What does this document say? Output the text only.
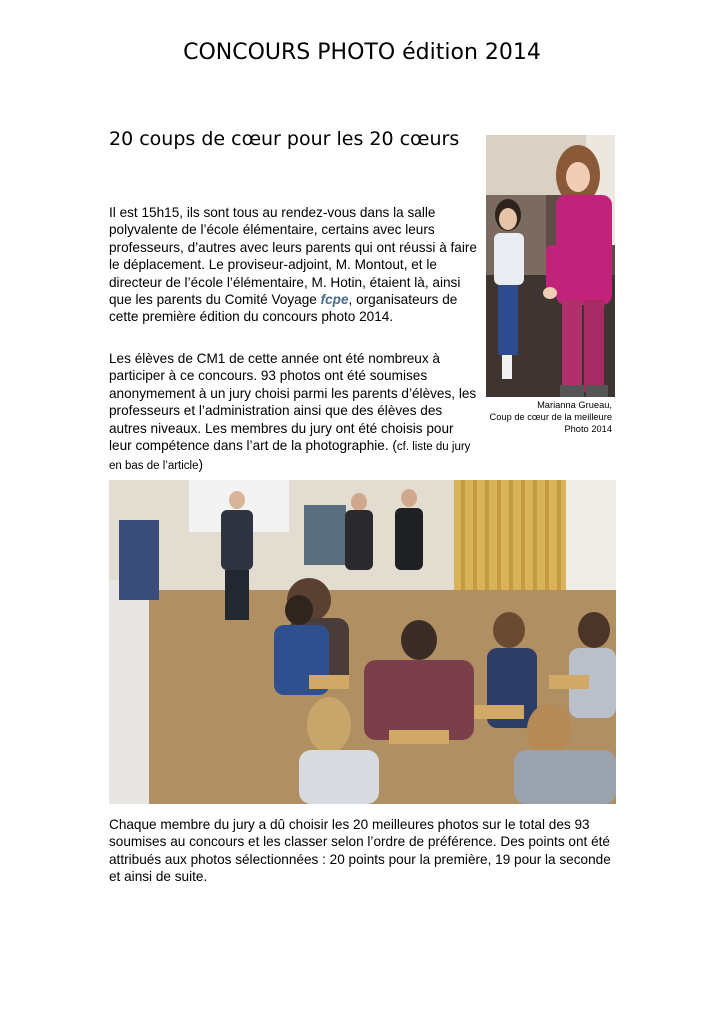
CONCOURS PHOTO édition 2014
20 coups de cœur pour les 20 cœurs

Il est 15h15, ils sont tous au rendez-vous dans la salle polyvalente de l’école élémentaire, certains avec leurs professeurs, d’autres avec leurs parents qui ont réussi à faire le déplacement. Le proviseur-adjoint, M. Montout, et le directeur de l’école l’élémentaire, M. Hotin, étaient là, ainsi que les parents du Comité Voyage fcpe, organisateurs de cette première édition du concours photo 2014.

Les élèves de CM1 de cette année ont été nombreux à participer à ce concours. 93 photos ont été soumises anonymement à un jury choisi parmi les parents d’élèves, les professeurs et l’administration ainsi que des élèves des autres niveaux. Les membres du jury ont été choisis pour leur compétence dans l’art de la photographie. (cf. liste du jury en bas de l’article)

Marianna Grueau,
Coup de cœur de la meilleure
Photo 2014

Chaque membre du jury a dû choisir les 20 meilleures photos sur le total des 93 soumises au concours et les classer selon l’ordre de préférence. Des points ont été attribués aux photos sélectionnées : 20 points pour la première, 19 pour la seconde et ainsi de suite.
